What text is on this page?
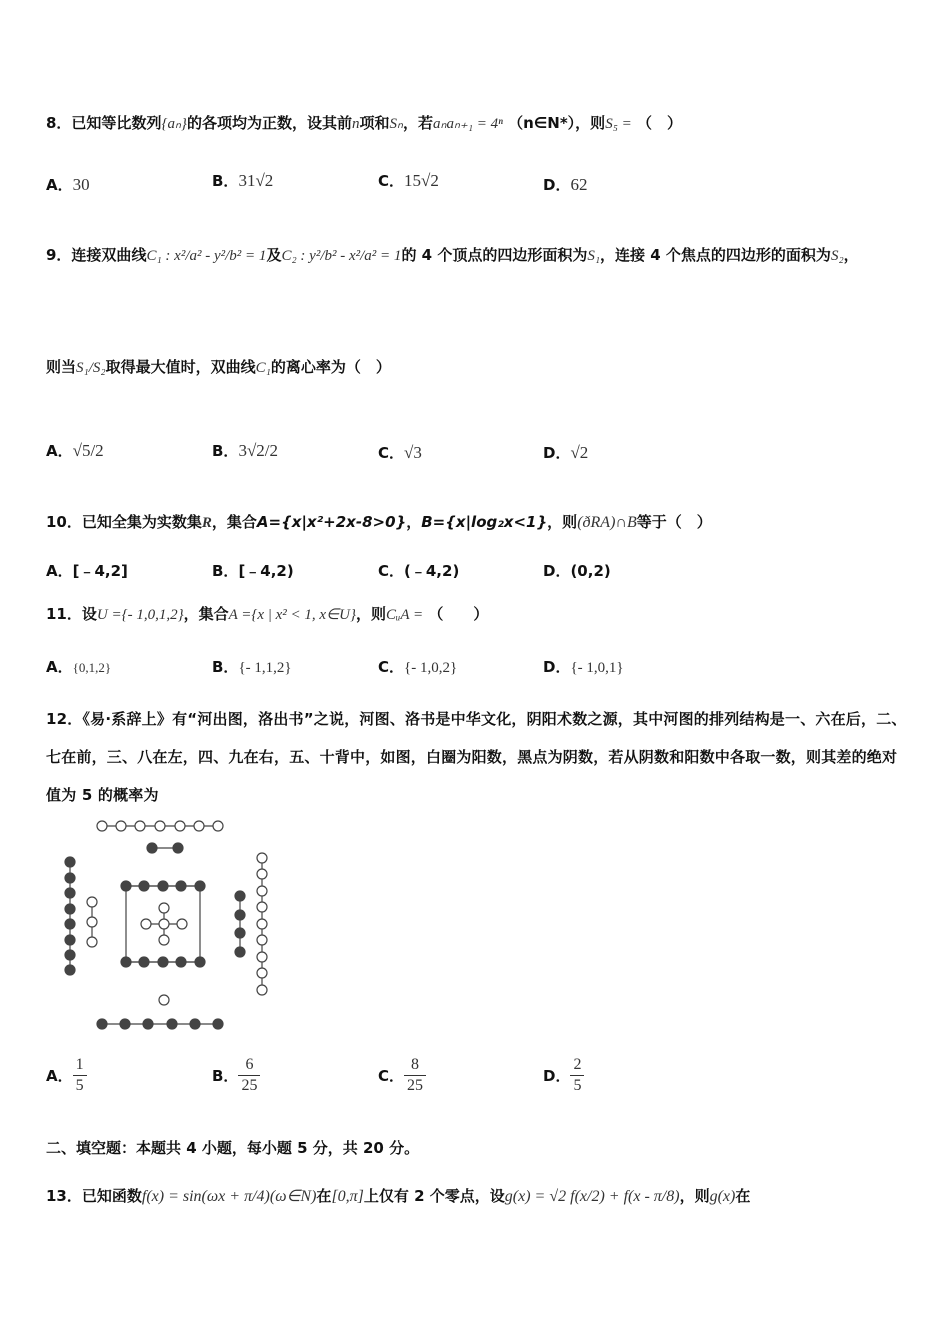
8．已知等比数列{aₙ}的各项均为正数，设其前n项和Sₙ，若aₙaₙ₊₁ = 4ⁿ （n∈N*），则S₅ = （　）
A．30	B．31√2	C．15√2	D．62
9．连接双曲线C₁ : x²/a² - y²/b² = 1及C₂ : y²/b² - x²/a² = 1的 4 个顶点的四边形面积为S₁，连接 4 个焦点的四边形的面积为S₂，
则当S₁/S₂取得最大值时，双曲线C₁的离心率为（　）
A．√5/2	B．3√2/2	C．√3	D．√2
10．已知全集为实数集R，集合A={x|x²+2x-8>0}，B={x|log₂x<1}，则(ðRA)∩B等于（　）
A．[﹣4,2]	B．[﹣4,2)	C．(﹣4,2)	D．(0,2)
11．设U ={- 1,0,1,2}，集合A ={x | x² < 1, x∈U}，则CᵤA = （　　）
A．{0,1,2}	B．{- 1,1,2}	C．{- 1,0,2}	D．{- 1,0,1}
12．《易·系辞上》有“河出图，洛出书”之说，河图、洛书是中华文化，阴阳术数之源，其中河图的排列结构是一、六在后，二、七在前，三、八在左，四、九在右，五、十背中，如图，白圈为阳数，黑点为阴数，若从阴数和阳数中各取一数，则其差的绝对值为 5 的概率为
A． $\frac{1}{5}$	B． $\frac{6}{25}$	C． $\frac{8}{25}$	D． $\frac{2}{5}$
二、填空题：本题共 4 小题，每小题 5 分，共 20 分。
13．已知函数f(x) = sin(ωx + π/4)(ω∈N)在[0,π]上仅有 2 个零点，设g(x) = √2 f(x/2) + f(x - π/8)，则g(x)在
